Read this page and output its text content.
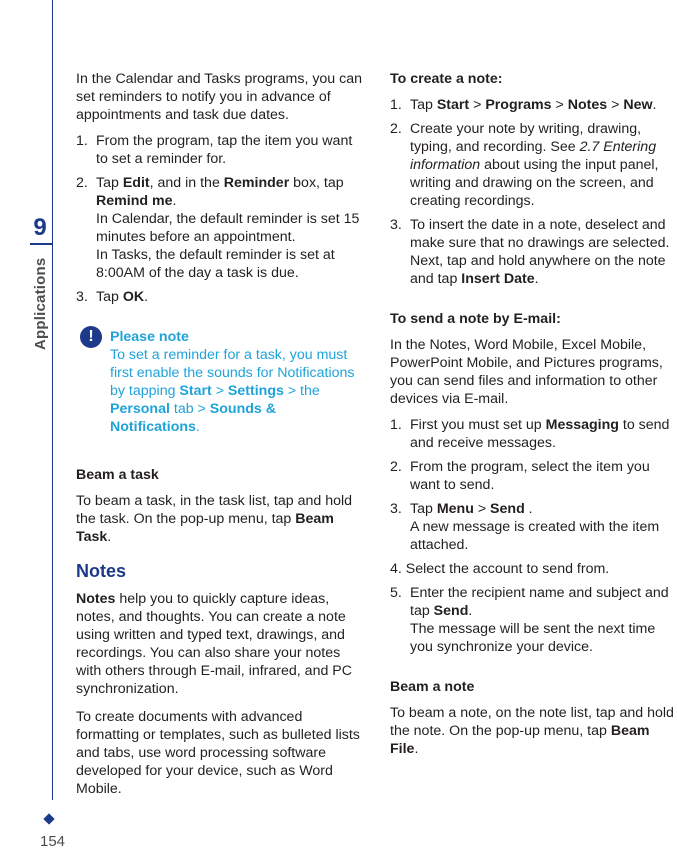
9
Applications
154

In the Calendar and Tasks programs, you can set reminders to notify you in advance of appointments and task due dates.

1. From the program, tap the item you want to set a reminder for.
2. Tap Edit, and in the Reminder box, tap Remind me.
In Calendar, the default reminder is set 15 minutes before an appointment.
In Tasks, the default reminder is set at 8:00AM of the day a task is due.
3. Tap OK.
!	Please note
To set a reminder for a task, you must first enable the sounds for Notifications by tapping Start > Settings > the Personal tab > Sounds & Notifications.
Beam a task

To beam a task, in the task list, tap and hold the task. On the pop-up menu, tap Beam Task.

Notes

Notes help you to quickly capture ideas, notes, and thoughts. You can create a note using written and typed text, drawings, and recordings. You can also share your notes with others through E-mail, infrared, and PC synchronization.

To create documents with advanced formatting or templates, such as bulleted lists and tabs, use word processing software developed for your device, such as Word Mobile.

To create a note:
1. Tap Start > Programs > Notes > New.
2. Create your note by writing, drawing, typing, and recording. See 2.7 Entering information about using the input panel, writing and drawing on the screen, and creating recordings.
3. To insert the date in a note, deselect and make sure that no drawings are selected. Next, tap and hold anywhere on the note and tap Insert Date.
To send a note by E-mail:

In the Notes, Word Mobile, Excel Mobile, PowerPoint Mobile, and Pictures programs, you can send files and information to other devices via E-mail.

1. First you must set up Messaging to send and receive messages.
2. From the program, select the item you want to send.
3. Tap Menu > Send .
A new message is created with the item attached.
4. Select the account to send from.
5. Enter the recipient name and subject and tap Send.
The message will be sent the next time you synchronize your device.
Beam a note

To beam a note, on the note list, tap and hold the note. On the pop-up menu, tap Beam File.
